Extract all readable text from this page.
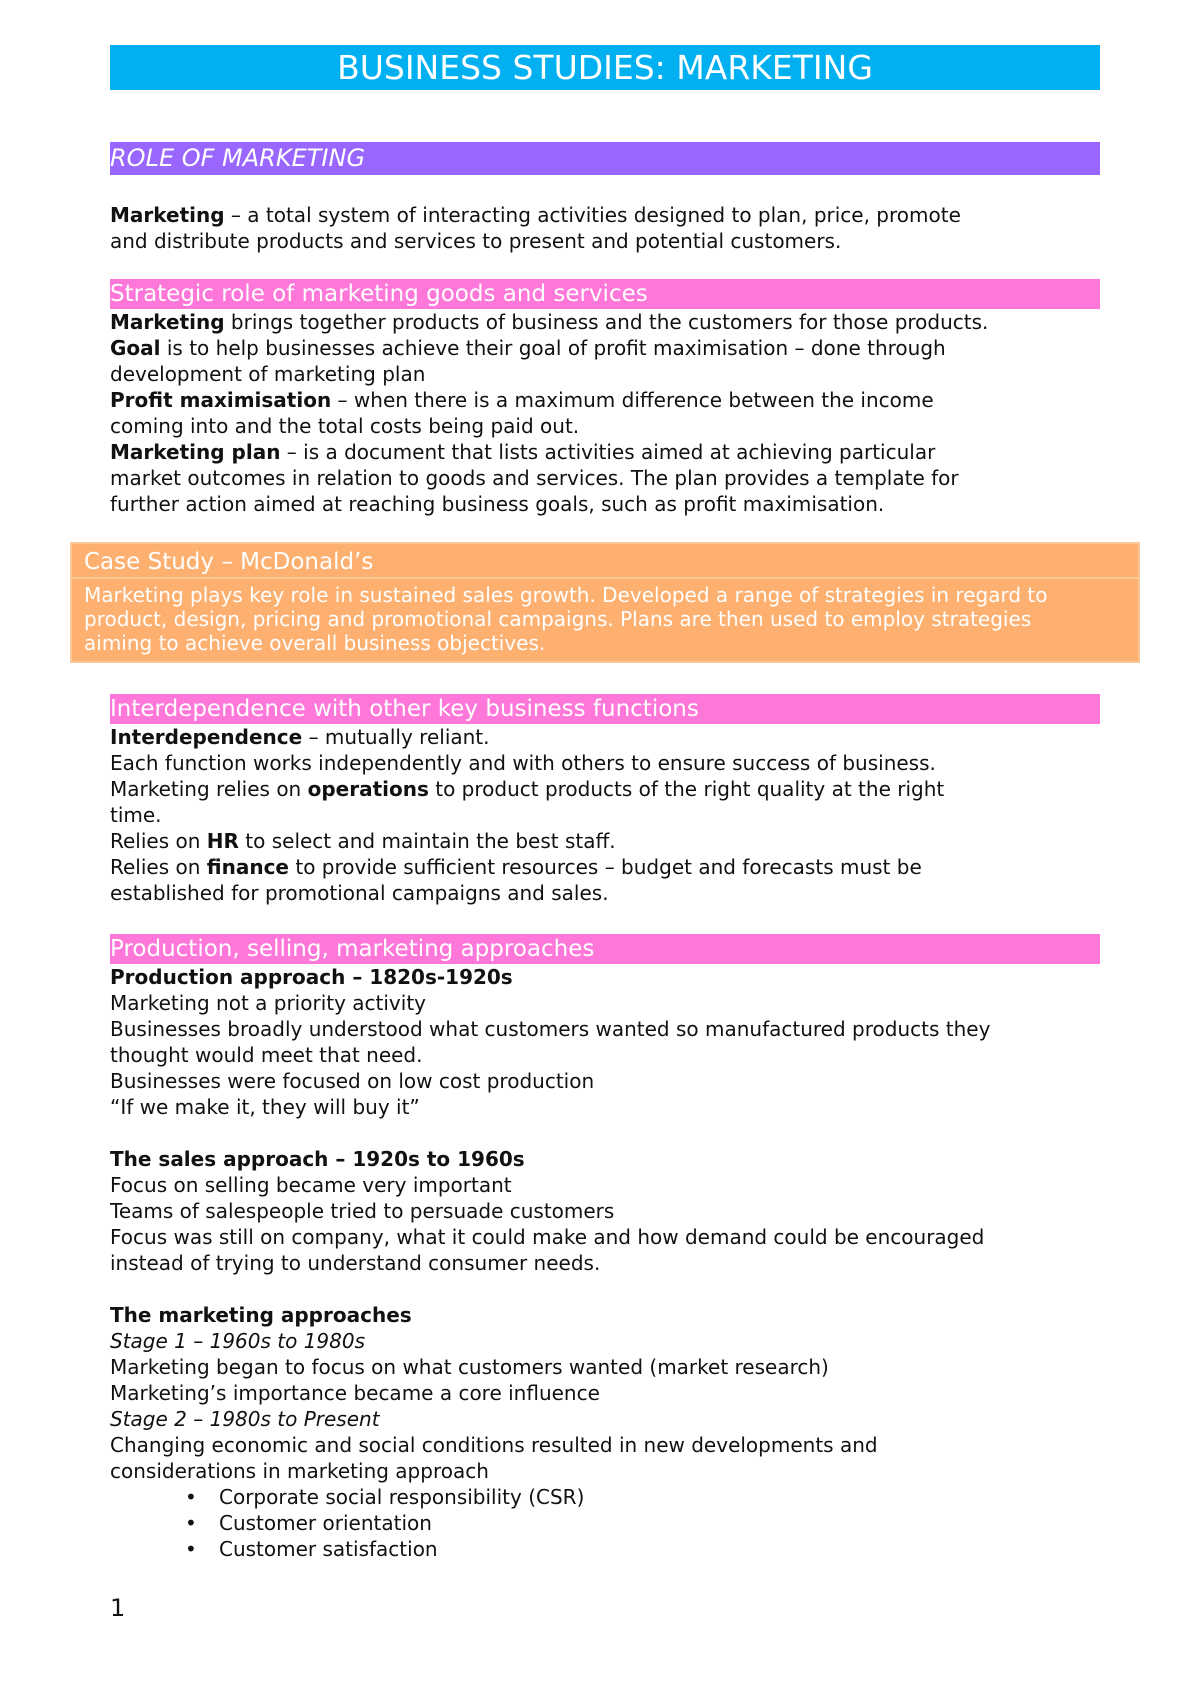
BUSINESS STUDIES: MARKETING
ROLE OF MARKETING

Marketing – a total system of interacting activities designed to plan, price, promote

and distribute products and services to present and potential customers.

Strategic role of marketing goods and services

Marketing brings together products of business and the customers for those products.

Goal is to help businesses achieve their goal of profit maximisation – done through

development of marketing plan

Profit maximisation – when there is a maximum difference between the income

coming into and the total costs being paid out.

Marketing plan – is a document that lists activities aimed at achieving particular

market outcomes in relation to goods and services. The plan provides a template for

further action aimed at reaching business goals, such as profit maximisation.

Case Study – McDonald’s
Marketing plays key role in sustained sales growth. Developed a range of strategies in regard to
product, design, pricing and promotional campaigns. Plans are then used to employ strategies
aiming to achieve overall business objectives.
Interdependence with other key business functions

Interdependence – mutually reliant.

Each function works independently and with others to ensure success of business.

Marketing relies on operations to product products of the right quality at the right

time.

Relies on HR to select and maintain the best staff.

Relies on finance to provide sufficient resources – budget and forecasts must be

established for promotional campaigns and sales.

Production, selling, marketing approaches

Production approach – 1820s-1920s

Marketing not a priority activity

Businesses broadly understood what customers wanted so manufactured products they

thought would meet that need.

Businesses were focused on low cost production

“If we make it, they will buy it”

The sales approach – 1920s to 1960s

Focus on selling became very important

Teams of salespeople tried to persuade customers

Focus was still on company, what it could make and how demand could be encouraged

instead of trying to understand consumer needs.

The marketing approaches

Stage 1 – 1960s to 1980s

Marketing began to focus on what customers wanted (market research)

Marketing’s importance became a core influence

Stage 2 – 1980s to Present

Changing economic and social conditions resulted in new developments and

considerations in marketing approach

• Corporate social responsibility (CSR)
• Customer orientation
• Customer satisfaction
1
